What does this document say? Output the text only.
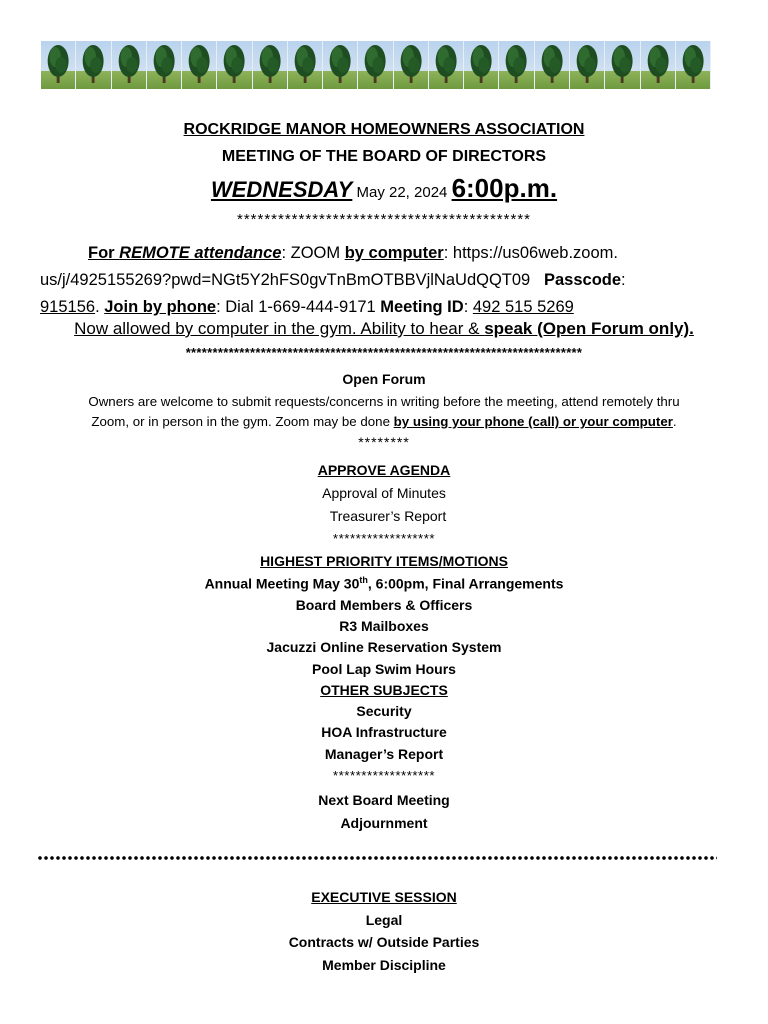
ROCKRIDGE MANOR HOMEOWNERS ASSOCIATION
MEETING OF THE BOARD OF DIRECTORS
WEDNESDAY May 22, 2024 6:00p.m.
*******************************************
For REMOTE attendance: ZOOM by computer: https://us06web.zoom.
us/j/4925155269?pwd=NGt5Y2hFS0gvTnBmOTBBVjlNaUdQQT09 Passcode:
915156. Join by phone: Dial 1-669-444-9171 Meeting ID: 492 515 5269
Now allowed by computer in the gym. Ability to hear & speak (Open Forum only).
**************************************************************************
Open Forum
Owners are welcome to submit requests/concerns in writing before the meeting, attend remotely thru
Zoom, or in person in the gym. Zoom may be done by using your phone (call) or your computer.
********
APPROVE AGENDA
Approval of Minutes
Treasurer’s Report
******************
HIGHEST PRIORITY ITEMS/MOTIONS
Annual Meeting May 30th, 6:00pm, Final Arrangements
Board Members & Officers
R3 Mailboxes
Jacuzzi Online Reservation System
Pool Lap Swim Hours
OTHER SUBJECTS
Security
HOA Infrastructure
Manager’s Report
******************
Next Board Meeting
Adjournment
EXECUTIVE SESSION
Legal
Contracts w/ Outside Parties
Member Discipline
